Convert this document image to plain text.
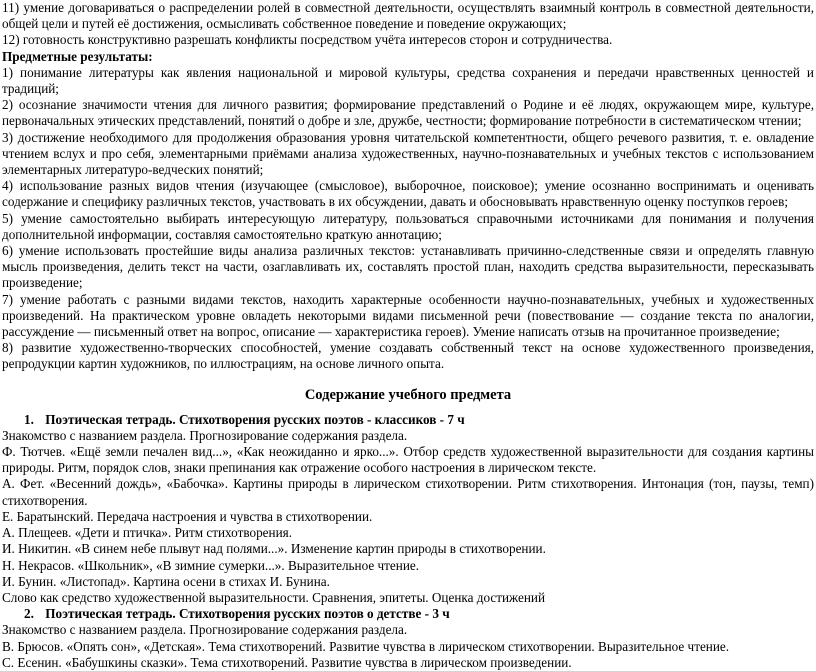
11) умение договариваться о распределении ролей в совместной деятельности, осуществлять взаимный контроль в совместной деятельности, общей цели и путей её достижения, осмысливать собственное поведение и поведение окружающих;

12) готовность конструктивно разрешать конфликты посредством учёта интересов сторон и сотрудничества.

Предметные результаты:

1) понимание литературы как явления национальной и мировой культуры, средства сохранения и передачи нравственных ценностей и традиций;

2) осознание значимости чтения для личного развития; формирование представлений о Родине и её людях, окружающем мире, культуре, первоначальных этических представлений, понятий о добре и зле, дружбе, честности; формирование потребности в систематическом чтении;

3) достижение необходимого для продолжения образования уровня читательской компетентности, общего речевого развития, т. е. овладение чтением вслух и про себя, элементарными приёмами анализа художественных, научно-познавательных и учебных текстов с использованием элементарных литературо-ведческих понятий;

4) использование разных видов чтения (изучающее (смысловое), выборочное, поисковое); умение осознанно воспринимать и оценивать содержание и специфику различных текстов, участвовать в их обсуждении, давать и обосновывать нравственную оценку поступков героев;

5) умение самостоятельно выбирать интересующую литературу, пользоваться справочными источниками для понимания и получения дополнительной информации, составляя самостоятельно краткую аннотацию;

6) умение использовать простейшие виды анализа различных текстов: устанавливать причинно-следственные связи и определять главную мысль произведения, делить текст на части, озаглавливать их, составлять простой план, находить средства выразительности, пересказывать произведение;

7) умение работать с разными видами текстов, находить характерные особенности научно-познавательных, учебных и художественных произведений. На практическом уровне овладеть некоторыми видами письменной речи (повествование — создание текста по аналогии, рассуждение — письменный ответ на вопрос, описание — характеристика героев). Умение написать отзыв на прочитанное произведение;

8) развитие художественно-творческих способностей, умение создавать собственный текст на основе художественного произведения, репродукции картин художников, по иллюстрациям, на основе личного опыта.

Содержание учебного предмета

1. Поэтическая тетрадь. Стихотворения русских поэтов - классиков - 7 ч

Знакомство с названием раздела. Прогнозирование содержания раздела.

Ф. Тютчев. «Ещё земли печален вид...», «Как неожиданно и ярко...». Отбор средств художественной выразительности для создания картины природы. Ритм, порядок слов, знаки препинания как отражение особого настроения в лирическом тексте.

А. Фет. «Весенний дождь», «Бабочка». Картины природы в лирическом стихотворении. Ритм стихотворения. Интонация (тон, паузы, темп) стихотворения.

Е. Баратынский. Передача настроения и чувства в стихотворении.

А. Плещеев. «Дети и птичка». Ритм стихотворения.

И. Никитин. «В синем небе плывут над полями...». Изменение картин природы в стихотворении.

Н. Некрасов. «Школьник», «В зимние сумерки...». Выразительное чтение.

И. Бунин. «Листопад». Картина осени в стихах И. Бунина.

Слово как средство художественной выразительности. Сравнения, эпитеты. Оценка достижений

2. Поэтическая тетрадь. Стихотворения русских поэтов о детстве - 3 ч

Знакомство с названием раздела. Прогнозирование содержания раздела.

В. Брюсов. «Опять сон», «Детская». Тема стихотворений. Развитие чувства в лирическом стихотворении. Выразительное чтение.

С. Есенин. «Бабушкины сказки». Тема стихотворений. Развитие чувства в лирическом произведении.
